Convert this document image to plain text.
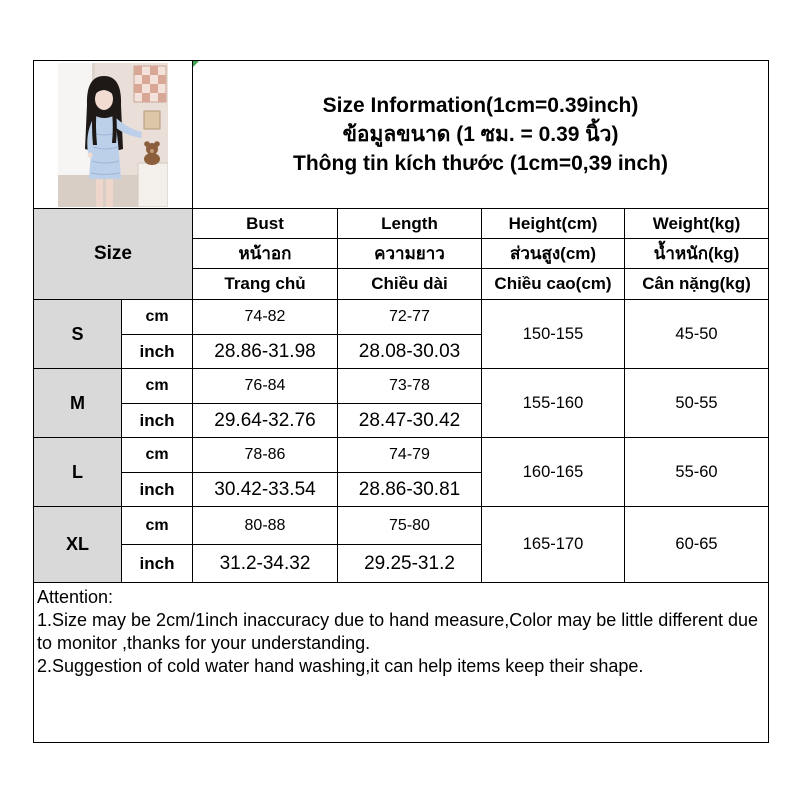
Size Information(1cm=0.39inch)
ข้อมูลขนาด (1 ซม. = 0.39 นิ้ว)
Thông tin kích thước (1cm=0,39 inch)			

Size		Bust	Length	Height(cm)	Weight(kg)
		หน้าอก	ความยาว	ส่วนสูง(cm)	น้ำหนัก(kg)
		Trang chủ	Chiều dài	Chiều cao(cm)	Cân nặng(kg)
S	cm	74-82	72-77	150-155	45-50
	inch	28.86-31.98	28.08-30.03		
M	cm	76-84	73-78	155-160	50-55
	inch	29.64-32.76	28.47-30.42		
L	cm	78-86	74-79	160-165	55-60
	inch	30.42-33.54	28.86-30.81		
XL	cm	80-88	75-80	165-170	60-65
	inch	31.2-34.32	29.25-31.2		

Attention:
1.Size may be 2cm/1inch inaccuracy due to hand measure,Color may be little different due to monitor ,thanks for your understanding.
2.Suggestion of cold water hand washing,it can help items keep their shape.					
